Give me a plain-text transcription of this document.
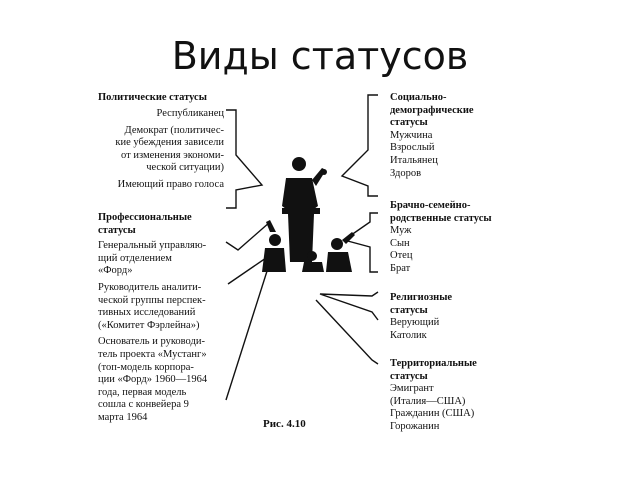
Виды статусов
Политические статусы
Республиканец
Демократ (политичес-
кие убеждения зависели
от изменения экономи-
ческой ситуации)
Имеющий право голоса
Профессиональные
статусы
Генеральный управляю-
щий отделением
«Форд»
Руководитель аналити-
ческой группы перспек-
тивных исследований
(«Комитет Фэрлейна»)
Основатель и руководи-
тель проекта «Мустанг»
(топ-модель корпора-
ции «Форд» 1960—1964
года, первая модель
сошла с конвейера 9
марта 1964
Социально-
демографические
статусы
Мужчина
Взрослый
Итальянец
Здоров
Брачно-семейно-
родственные статусы
Муж
Сын
Отец
Брат
Религиозные
статусы
Верующий
Католик
Территориальные
статусы
Эмигрант
(Италия—США)
Гражданин (США)
Горожанин
Рис. 4.10
